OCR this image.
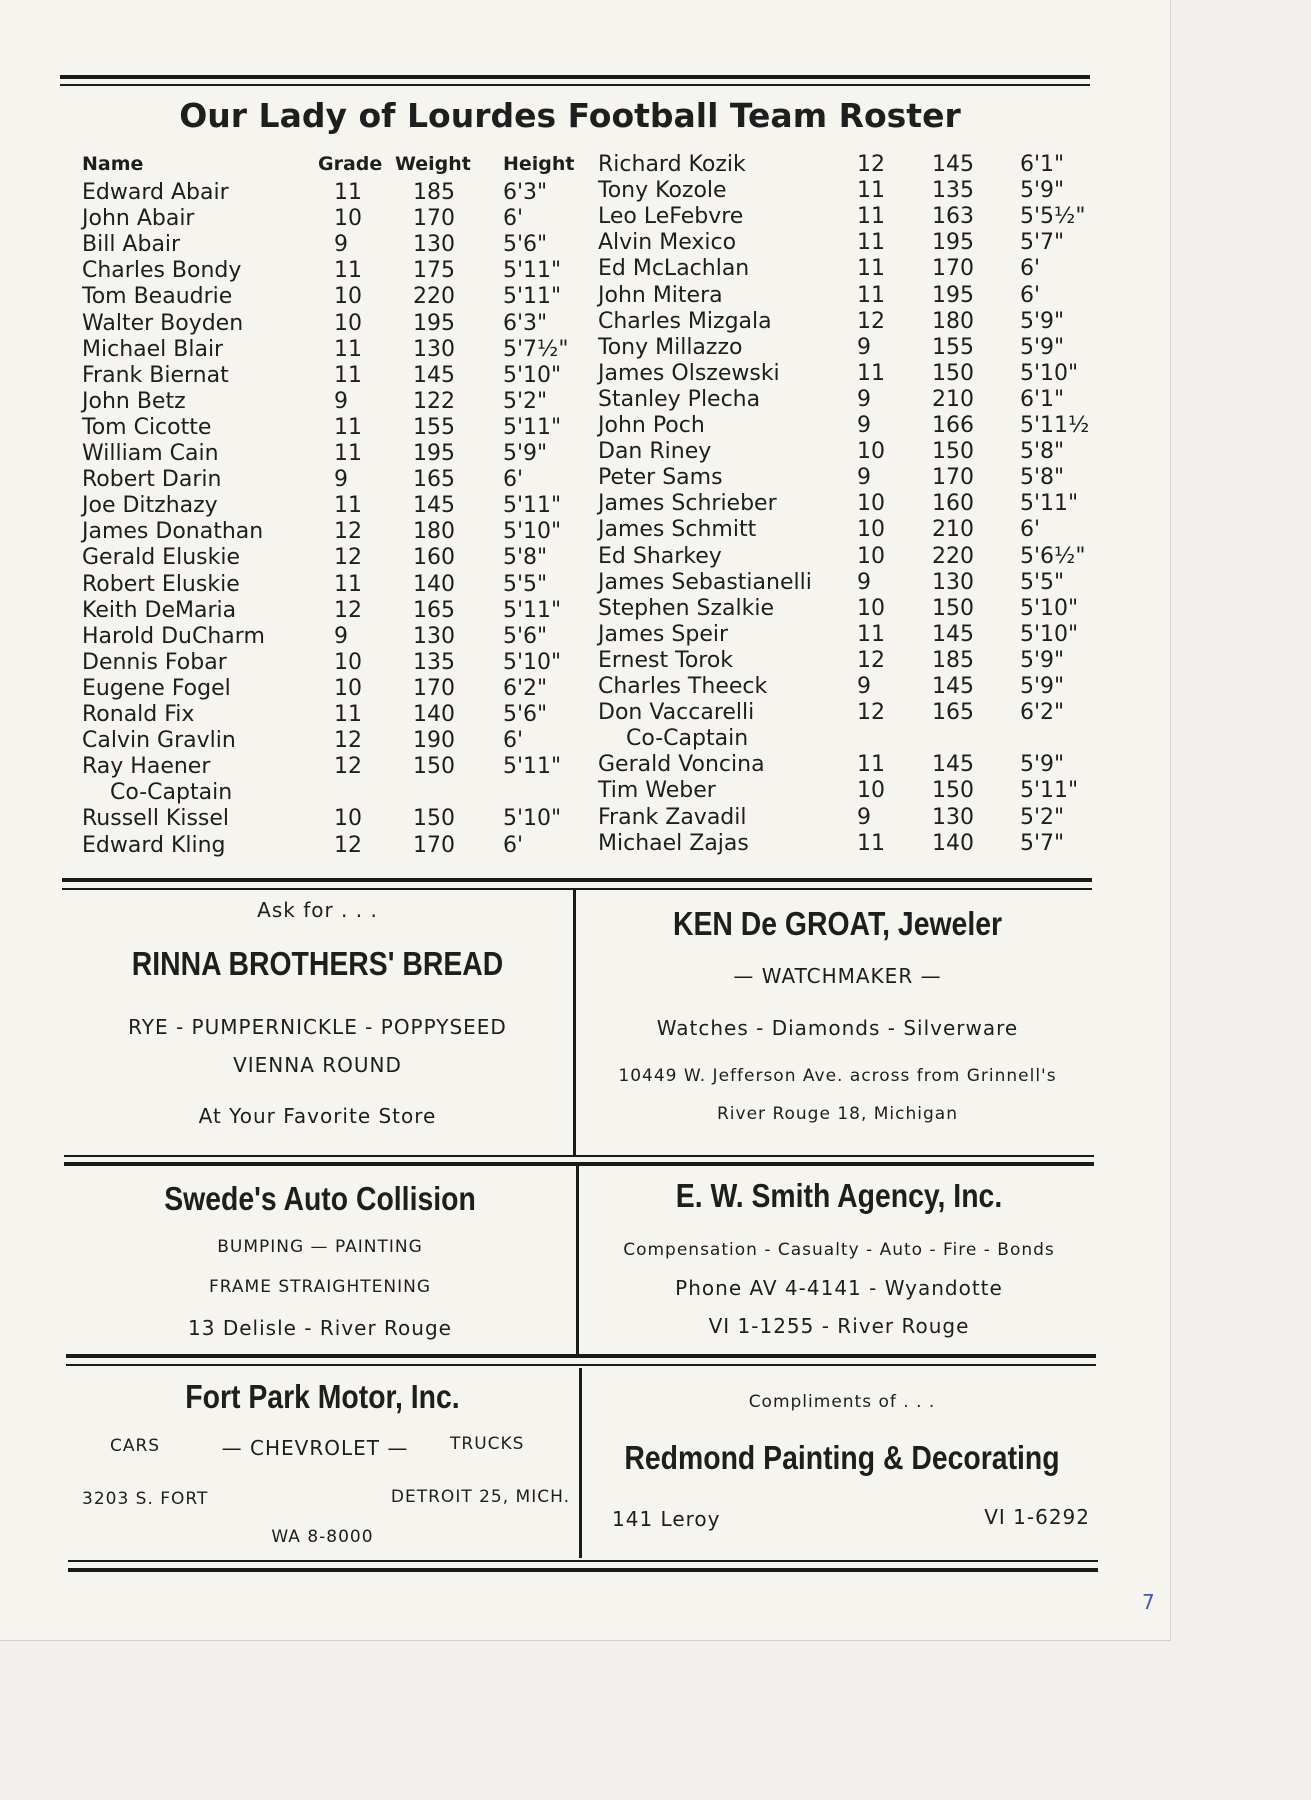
Our Lady of Lourdes Football Team Roster
Name	Grade Weight Height
Edward Abair	11 185 6'3"
John Abair	10 170 6'
Bill Abair	9	130 5'6"
Charles Bondy	11 175 5'11"
Tom Beaudrie	10 220 5'11"
Walter Boyden	10 195 6'3"
Michael Blair	11 130 5'7½"
Frank Biernat	11 145 5'10"
John Betz	9	122 5'2"
Tom Cicotte	11 155 5'11"
William Cain	11 195 5'9"
Robert Darin	9	165 6'
Joe Ditzhazy	11 145 5'11"
James Donathan	12 180 5'10"
Gerald Eluskie	12 160 5'8"
Robert Eluskie	11 140 5'5"
Keith DeMaria	12 165 5'11"
Harold DuCharm	9	130 5'6"
Dennis Fobar	10 135 5'10"
Eugene Fogel	10 170 6'2"
Ronald Fix	11 140 5'6"
Calvin Gravlin	12 190 6'
Ray Haener	12 150 5'11"
Co-Captain
Russell Kissel	10 150 5'10"
Edward Kling	12 170 6'
Richard Kozik	12 145 6'1"
Tony Kozole	11 135 5'9"
Leo LeFebvre	11 163 5'5½"
Alvin Mexico	11 195 5'7"
Ed McLachlan	11 170 6'
John Mitera	11 195 6'
Charles Mizgala	12 180 5'9"
Tony Millazzo	9	155 5'9"
James Olszewski	11 150 5'10"
Stanley Plecha	9	210 6'1"
John Poch	9	166 5'11½
Dan Riney	10 150 5'8"
Peter Sams	9	170 5'8"
James Schrieber	10 160 5'11"
James Schmitt	10 210 6'
Ed Sharkey	10 220 5'6½"
James Sebastianelli 9	130 5'5"
Stephen Szalkie	10 150 5'10"
James Speir	11 145 5'10"
Ernest Torok	12 185 5'9"
Charles Theeck	9	145 5'9"
Don Vaccarelli	12 165 6'2"
Co-Captain
Gerald Voncina	11 145 5'9"
Tim Weber	10 150 5'11"
Frank Zavadil	9	130 5'2"
Michael Zajas	11 140 5'7"
Ask for . . .
RINNA BROTHERS' BREAD
RYE - PUMPERNICKLE - POPPYSEED
VIENNA ROUND
At Your Favorite Store
KEN De GROAT, Jeweler
— WATCHMAKER —
Watches - Diamonds - Silverware
10449 W. Jefferson Ave. across from Grinnell's
River Rouge 18, Michigan
Swede's Auto Collision
BUMPING — PAINTING
FRAME STRAIGHTENING
13 Delisle - River Rouge
E. W. Smith Agency, Inc.
Compensation - Casualty - Auto - Fire - Bonds
Phone AV 4-4141 - Wyandotte
VI 1-1255 - River Rouge
Fort Park Motor, Inc.
CARS	— CHEVROLET —	TRUCKS
3203 S. FORT	DETROIT 25, MICH.
WA 8-8000
Compliments of . . .
Redmond Painting & Decorating
141 Leroy	VI 1-6292
7
